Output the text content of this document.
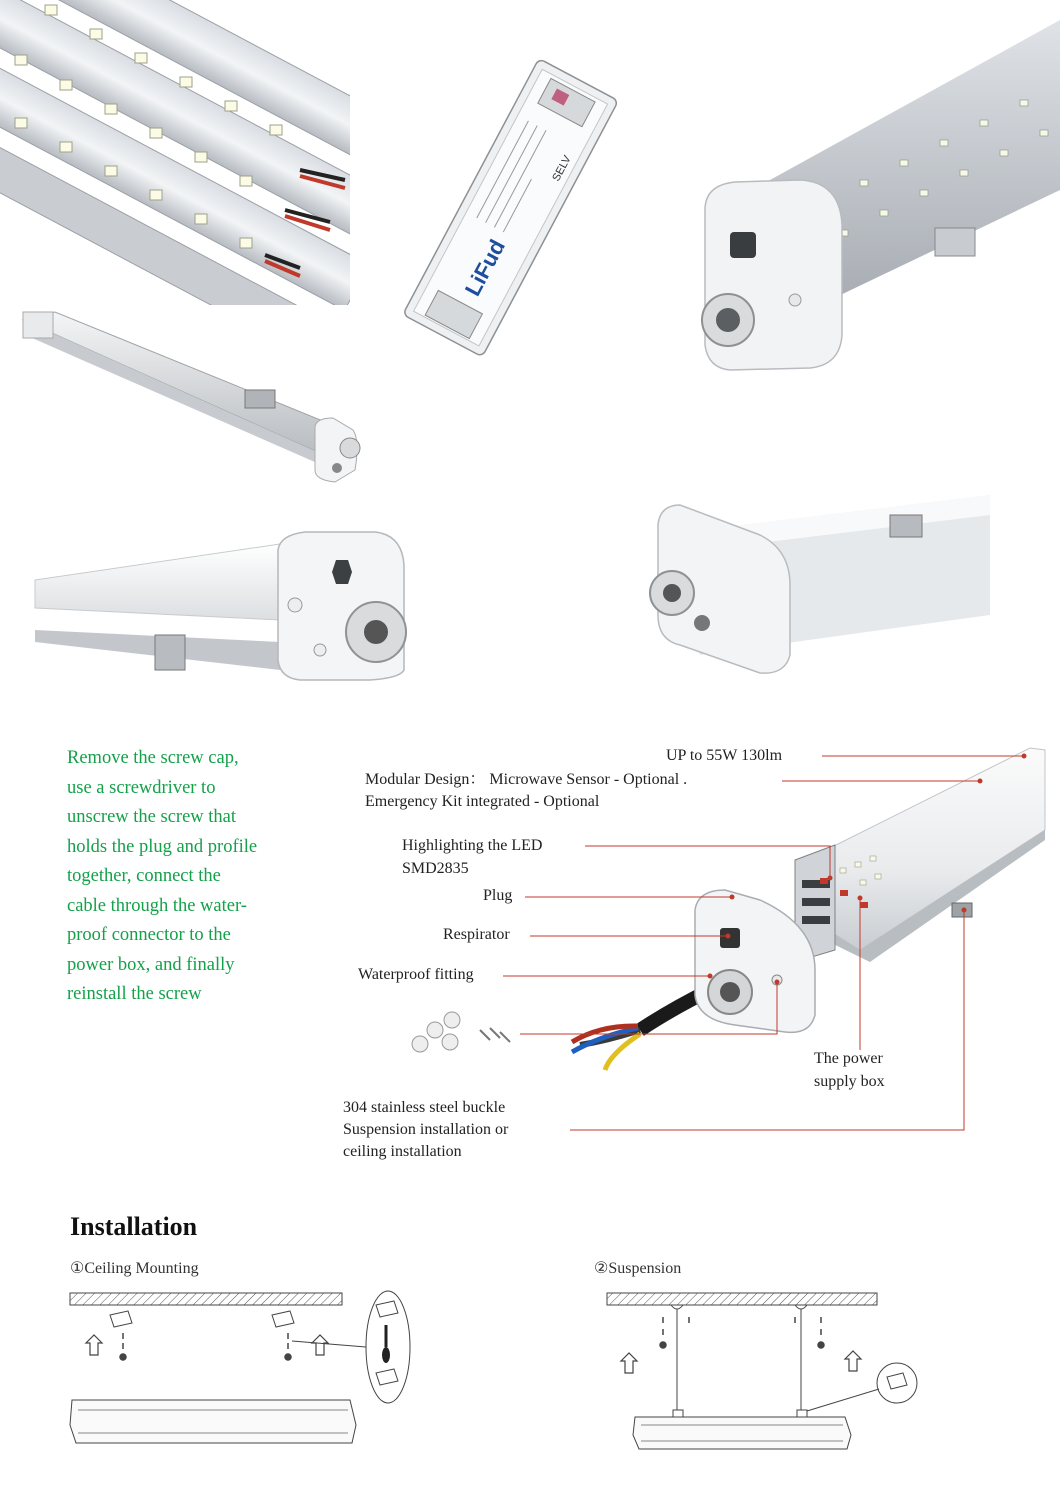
LiFud
SELV
Remove the screw cap,
use a screwdriver to
unscrew the screw that
holds the plug and profile
together, connect the
cable through the water-
proof connector to the
power box, and finally
reinstall the screw
UP to 55W 130lm
Modular Design： Microwave Sensor - Optional .
Emergency Kit integrated - Optional
Highlighting the LED
SMD2835
Plug
Respirator
Waterproof fitting
The power
supply box
304 stainless steel buckle
Suspension installation or
ceiling installation
Installation
①Ceiling Mounting	②Suspension
